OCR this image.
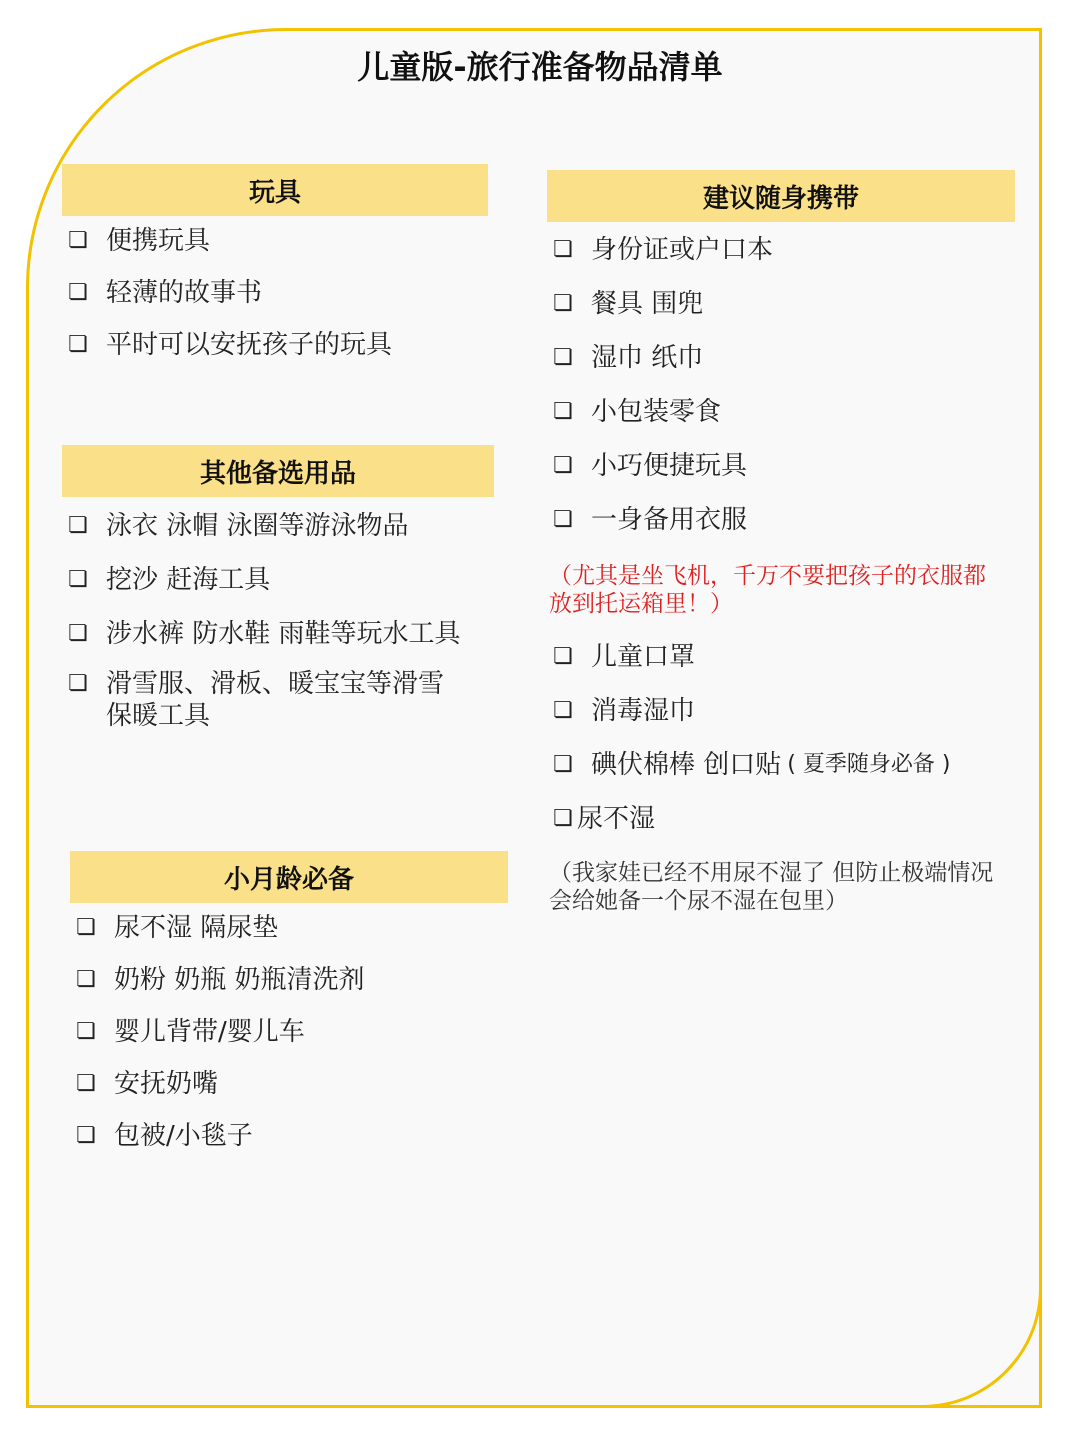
儿童版-旅行准备物品清单
玩具
❏ 便携玩具
❏ 轻薄的故事书
❏ 平时可以安抚孩子的玩具
其他备选用品
❏ 泳衣 泳帽 泳圈等游泳物品
❏ 挖沙 赶海工具
❏ 涉水裤 防水鞋 雨鞋等玩水工具
❏ 滑雪服、滑板、暖宝宝等滑雪
保暖工具
小月龄必备
❏ 尿不湿 隔尿垫
❏ 奶粉 奶瓶 奶瓶清洗剂
❏ 婴儿背带/婴儿车
❏ 安抚奶嘴
❏ 包被/小毯子
建议随身携带
❏ 身份证或户口本
❏ 餐具 围兜
❏ 湿巾 纸巾
❏ 小包装零食
❏ 小巧便捷玩具
❏ 一身备用衣服
（尤其是坐飞机，千万不要把孩子的衣服都
放到托运箱里！）
❏ 儿童口罩
❏ 消毒湿巾
❏ 碘伏棉棒 创口贴 ( 夏季随身必备 )
❏ 尿不湿
（我家娃已经不用尿不湿了 但防止极端情况
会给她备一个尿不湿在包里）
